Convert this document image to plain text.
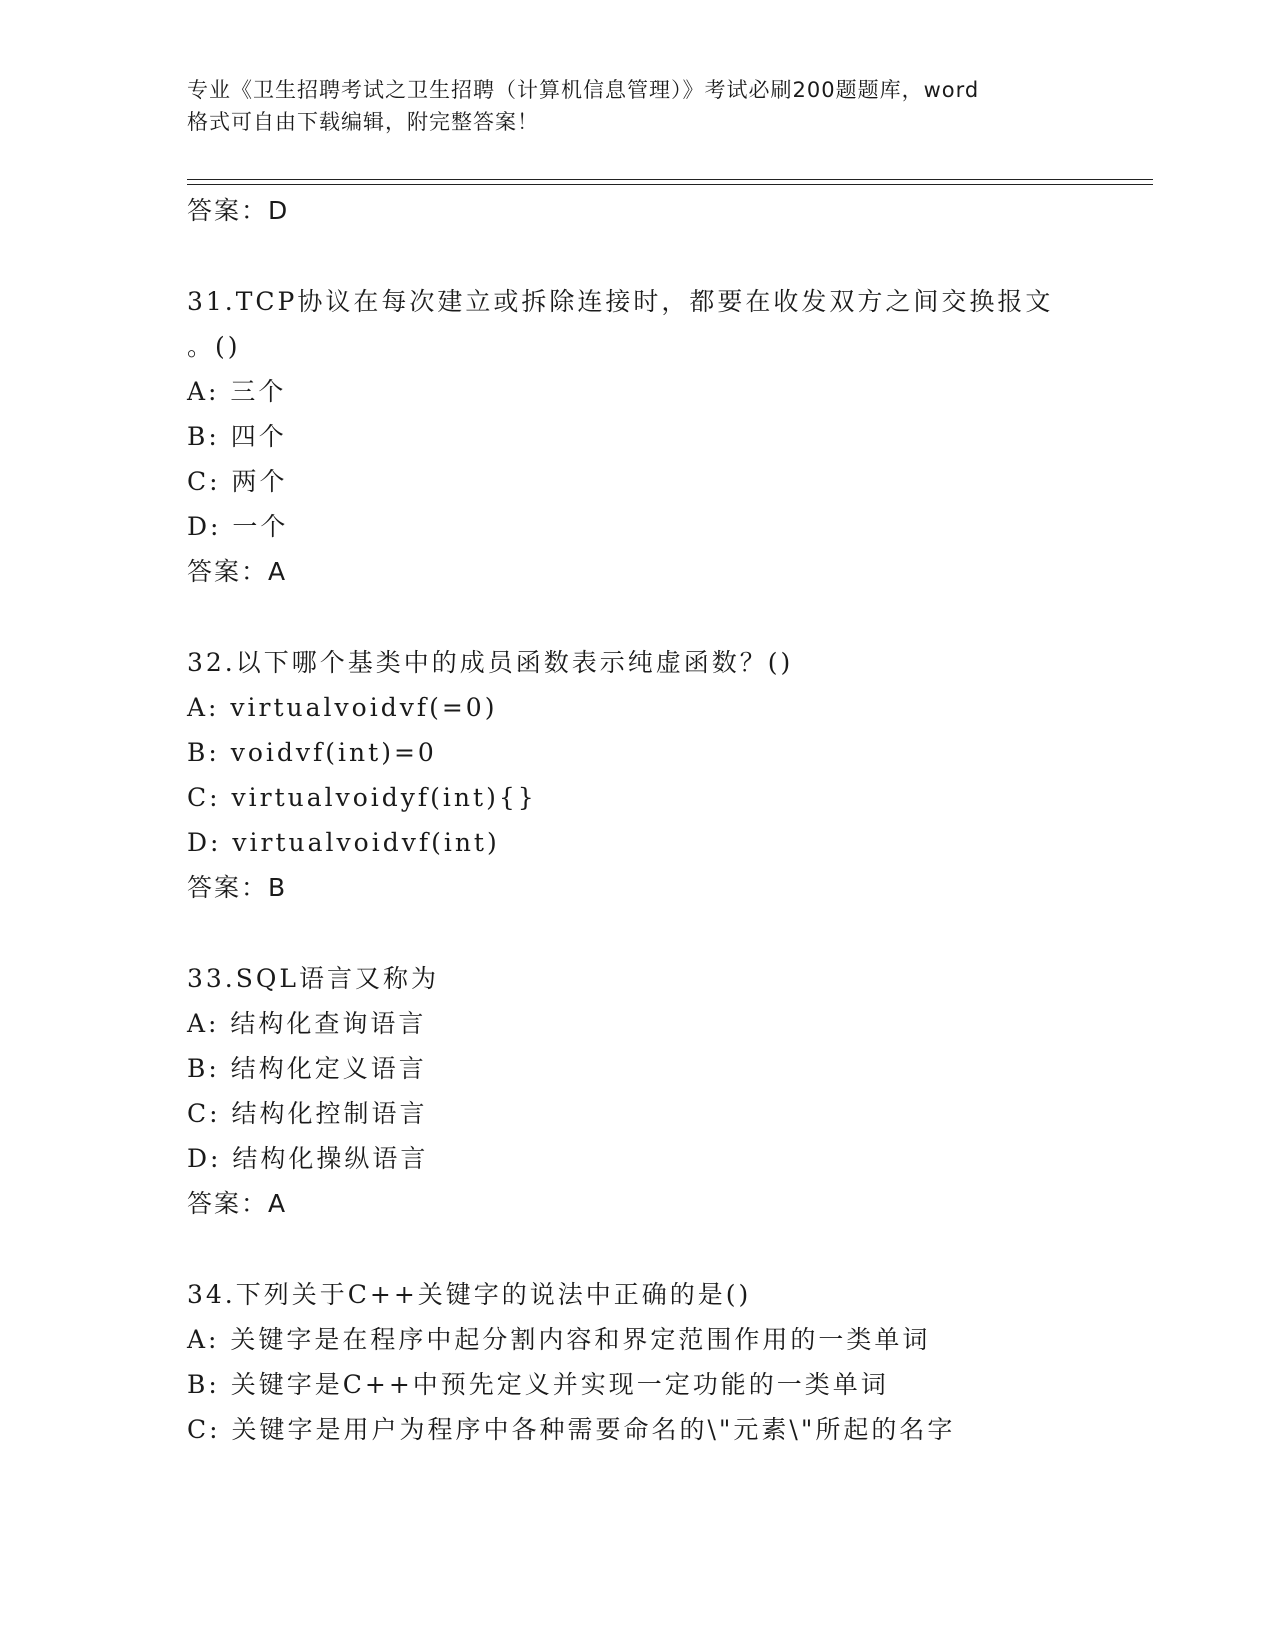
专业《卫生招聘考试之卫生招聘（计算机信息管理）》考试必刷200题题库，word
格式可自由下载编辑，附完整答案！
答案：D
31.TCP协议在每次建立或拆除连接时，都要在收发双方之间交换报文
。()
A: 三个
B: 四个
C: 两个
D: 一个
答案：A
32.以下哪个基类中的成员函数表示纯虚函数？()
A: virtualvoidvf(=0)
B: voidvf(int)=0
C: virtualvoidyf(int){}
D: virtualvoidvf(int)
答案：B
33.SQL语言又称为
A: 结构化查询语言
B: 结构化定义语言
C: 结构化控制语言
D: 结构化操纵语言
答案：A
34.下列关于C++关键字的说法中正确的是()
A: 关键字是在程序中起分割内容和界定范围作用的一类单词
B: 关键字是C++中预先定义并实现一定功能的一类单词
C: 关键字是用户为程序中各种需要命名的\"元素\"所起的名字
